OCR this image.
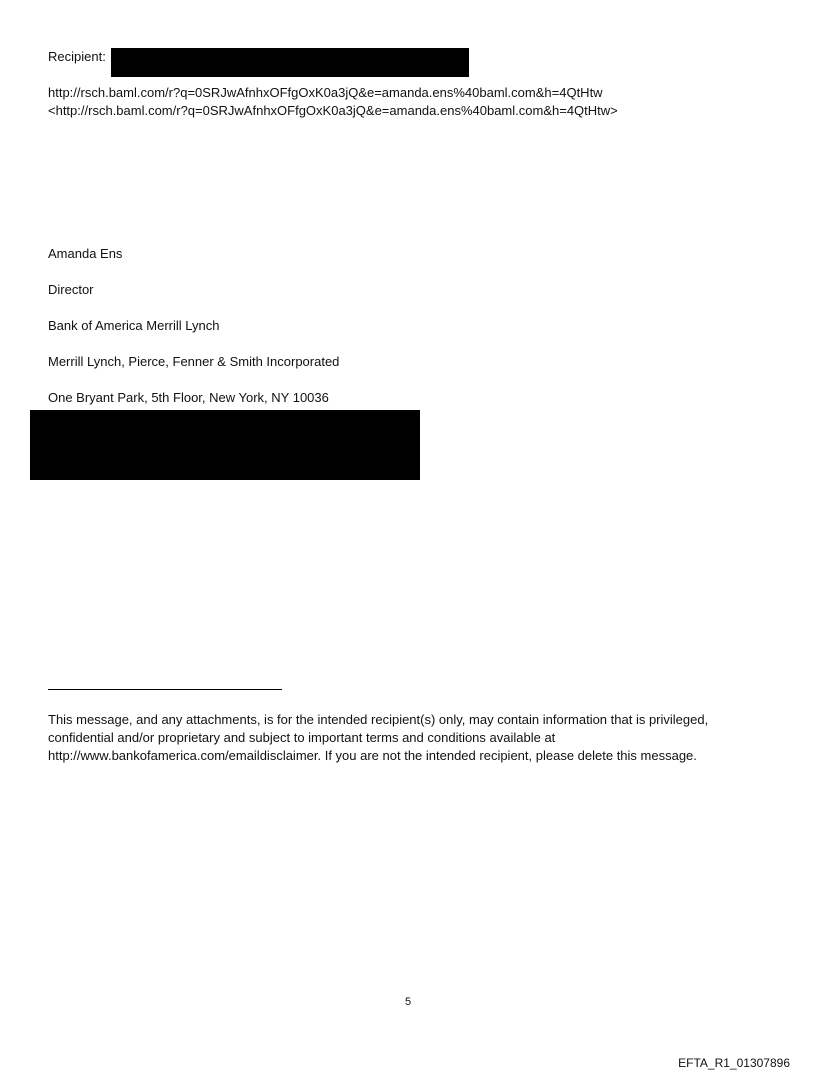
Recipient:
http://rsch.baml.com/r?q=0SRJwAfnhxOFfgOxK0a3jQ&e=amanda.ens%40baml.com&h=4QtHtw
<http://rsch.baml.com/r?q=0SRJwAfnhxOFfgOxK0a3jQ&e=amanda.ens%40baml.com&h=4QtHtw>
Amanda Ens
Director
Bank of America Merrill Lynch
Merrill Lynch, Pierce, Fenner & Smith Incorporated
One Bryant Park, 5th Floor, New York, NY 10036
This message, and any attachments, is for the intended recipient(s) only, may contain information that is privileged, confidential and/or proprietary and subject to important terms and conditions available at http://www.bankofamerica.com/emaildisclaimer. If you are not the intended recipient, please delete this message.
5
EFTA_R1_01307896
